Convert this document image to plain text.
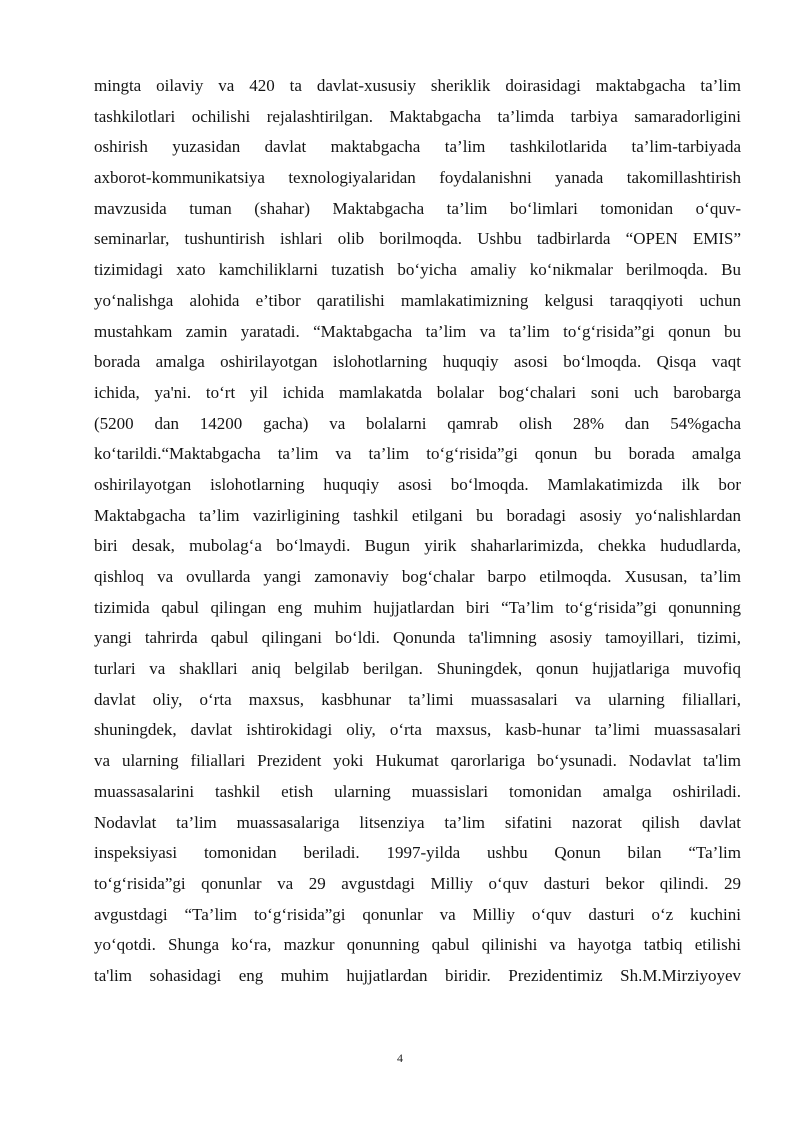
mingta oilaviy va 420 ta davlat-xususiy sheriklik doirasidagi maktabgacha ta’lim
tashkilotlari ochilishi rejalashtirilgan. Maktabgacha ta’limda tarbiya samaradorligini
oshirish yuzasidan davlat maktabgacha ta’lim tashkilotlarida ta’lim-tarbiyada
axborot-kommunikatsiya texnologiyalaridan foydalanishni yanada takomillashtirish
mavzusida tuman (shahar) Maktabgacha ta’lim bo‘limlari tomonidan o‘quv-
seminarlar, tushuntirish ishlari olib borilmoqda. Ushbu tadbirlarda “OPEN EMIS”
tizimidagi xato kamchiliklarni tuzatish bo‘yicha amaliy ko‘nikmalar berilmoqda. Bu
yo‘nalishga alohida e’tibor qaratilishi mamlakatimizning kelgusi taraqqiyoti uchun
mustahkam zamin yaratadi. “Maktabgacha ta’lim va ta’lim to‘g‘risida”gi qonun bu
borada amalga oshirilayotgan islohotlarning huquqiy asosi bo‘lmoqda. Qisqa vaqt
ichida, ya'ni. to‘rt yil ichida mamlakatda bolalar bog‘chalari soni uch barobarga
(5200 dan 14200 gacha) va bolalarni qamrab olish 28% dan 54%gacha
ko‘tarildi.“Maktabgacha ta’lim va ta’lim to‘g‘risida”gi qonun bu borada amalga
oshirilayotgan islohotlarning huquqiy asosi bo‘lmoqda. Mamlakatimizda ilk bor
Maktabgacha ta’lim vazirligining tashkil etilgani bu boradagi asosiy yo‘nalishlardan
biri desak, mubolag‘a bo‘lmaydi. Bugun yirik shaharlarimizda, chekka hududlarda,
qishloq va ovullarda yangi zamonaviy bog‘chalar barpo etilmoqda. Xususan, ta’lim
tizimida qabul qilingan eng muhim hujjatlardan biri “Ta’lim to‘g‘risida”gi qonunning
yangi tahrirda qabul qilingani bo‘ldi. Qonunda ta'limning asosiy tamoyillari, tizimi,
turlari va shakllari aniq belgilab berilgan. Shuningdek, qonun hujjatlariga muvofiq
davlat oliy, o‘rta maxsus, kasbhunar ta’limi muassasalari va ularning filiallari,
shuningdek, davlat ishtirokidagi oliy, o‘rta maxsus, kasb-hunar ta’limi muassasalari
va ularning filiallari Prezident yoki Hukumat qarorlariga bo‘ysunadi. Nodavlat ta'lim
muassasalarini tashkil etish ularning muassislari tomonidan amalga oshiriladi.
Nodavlat ta’lim muassasalariga litsenziya ta’lim sifatini nazorat qilish davlat
inspeksiyasi tomonidan beriladi. 1997-yilda ushbu Qonun bilan “Ta’lim
to‘g‘risida”gi qonunlar va 29 avgustdagi Milliy o‘quv dasturi bekor qilindi. 29
avgustdagi “Ta’lim to‘g‘risida”gi qonunlar va Milliy o‘quv dasturi o‘z kuchini
yo‘qotdi. Shunga ko‘ra, mazkur qonunning qabul qilinishi va hayotga tatbiq etilishi
ta'lim sohasidagi eng muhim hujjatlardan biridir. Prezidentimiz Sh.M.Mirziyoyev
4
